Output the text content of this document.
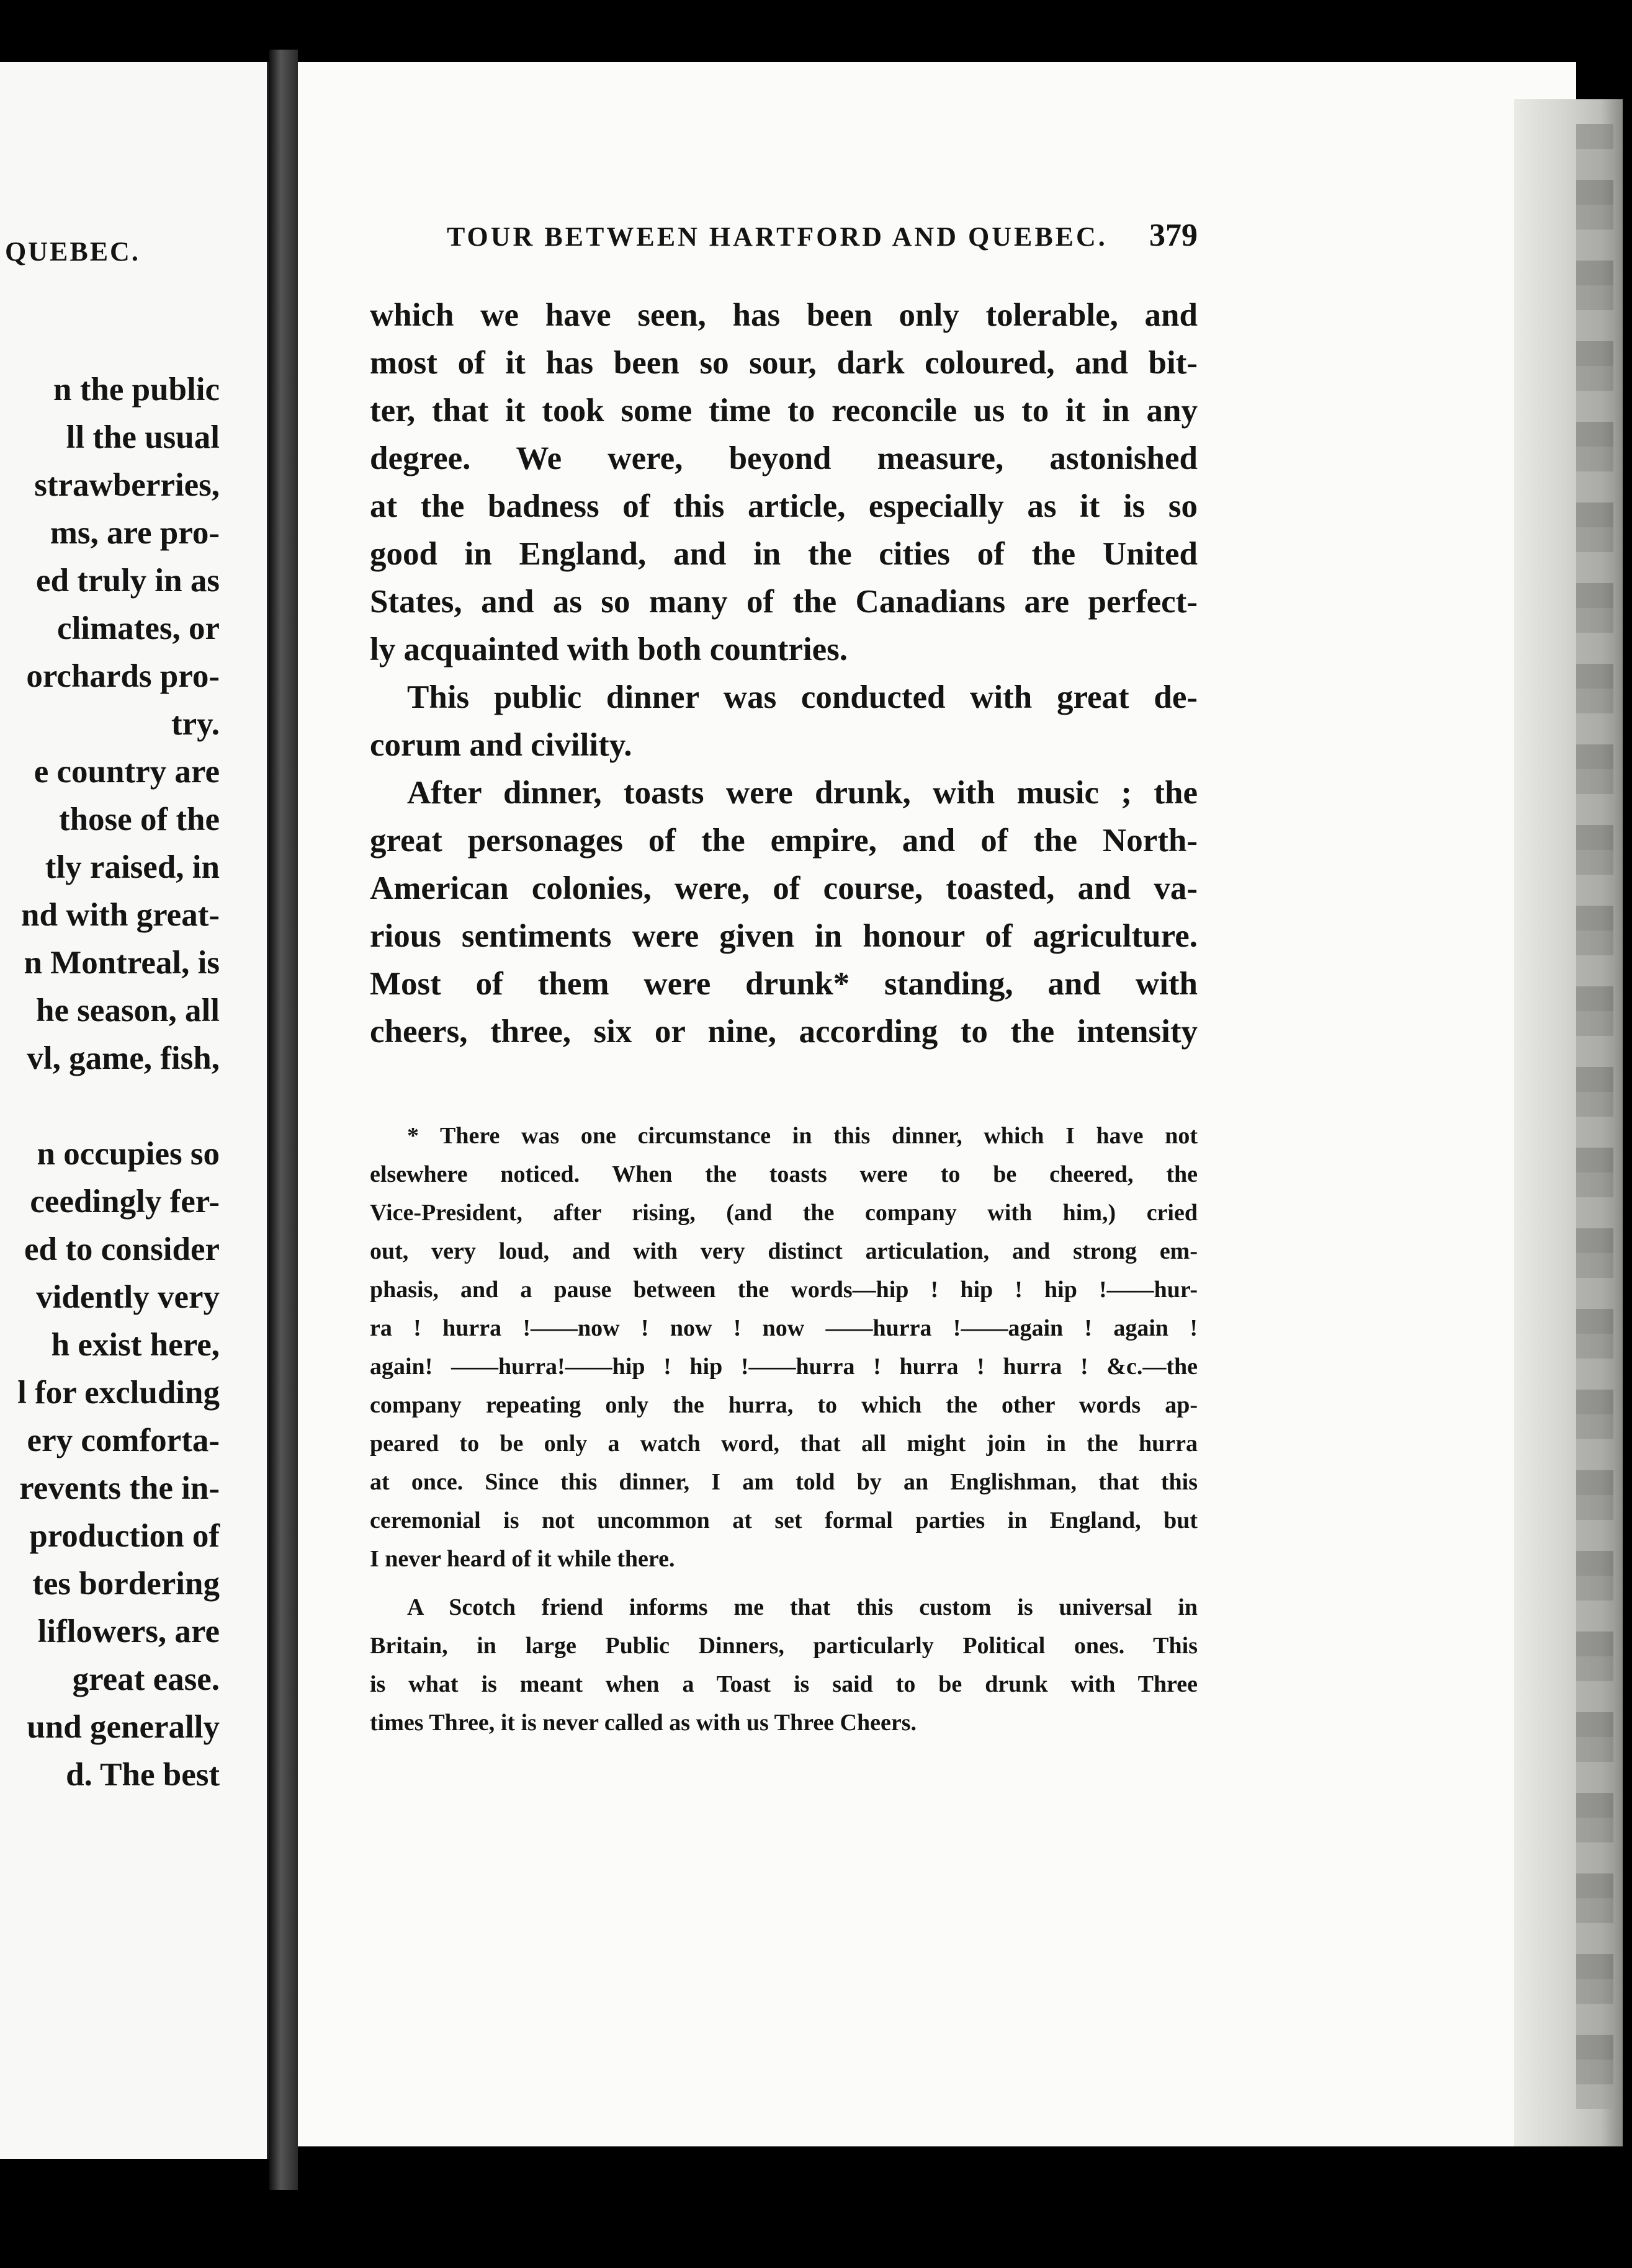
QUEBEC.
n the public
ll the usual
strawberries,
ms, are pro-
ed truly in as
climates, or
orchards pro-
try.
e country are
those of the
tly raised, in
nd with great-
n Montreal, is
he season, all
vl, game, fish,
n occupies so
ceedingly fer-
ed to consider
vidently very
h exist here,
l for excluding
ery comforta-
revents the in-
production of
tes bordering
liflowers, are
great ease.
und generally
d. The best
TOUR BETWEEN HARTFORD AND QUEBEC. 379
which we have seen, has been only tolerable, and
most of it has been so sour, dark coloured, and bit-
ter, that it took some time to reconcile us to it in any
degree. We were, beyond measure, astonished
at the badness of this article, especially as it is so
good in England, and in the cities of the United
States, and as so many of the Canadians are perfect-
ly acquainted with both countries.
This public dinner was conducted with great de-
corum and civility.
After dinner, toasts were drunk, with music ; the
great personages of the empire, and of the North-
American colonies, were, of course, toasted, and va-
rious sentiments were given in honour of agriculture.
Most of them were drunk* standing, and with
cheers, three, six or nine, according to the intensity
* There was one circumstance in this dinner, which I have not
elsewhere noticed. When the toasts were to be cheered, the
Vice-President, after rising, (and the company with him,) cried
out, very loud, and with very distinct articulation, and strong em-
phasis, and a pause between the words—hip ! hip ! hip !——hur-
ra ! hurra !——now ! now ! now ——hurra !——again ! again !
again! ——hurra!——hip ! hip !——hurra ! hurra ! hurra ! &c.—the
company repeating only the hurra, to which the other words ap-
peared to be only a watch word, that all might join in the hurra
at once. Since this dinner, I am told by an Englishman, that this
ceremonial is not uncommon at set formal parties in England, but
I never heard of it while there.
A Scotch friend informs me that this custom is universal in
Britain, in large Public Dinners, particularly Political ones. This
is what is meant when a Toast is said to be drunk with Three
times Three, it is never called as with us Three Cheers.
